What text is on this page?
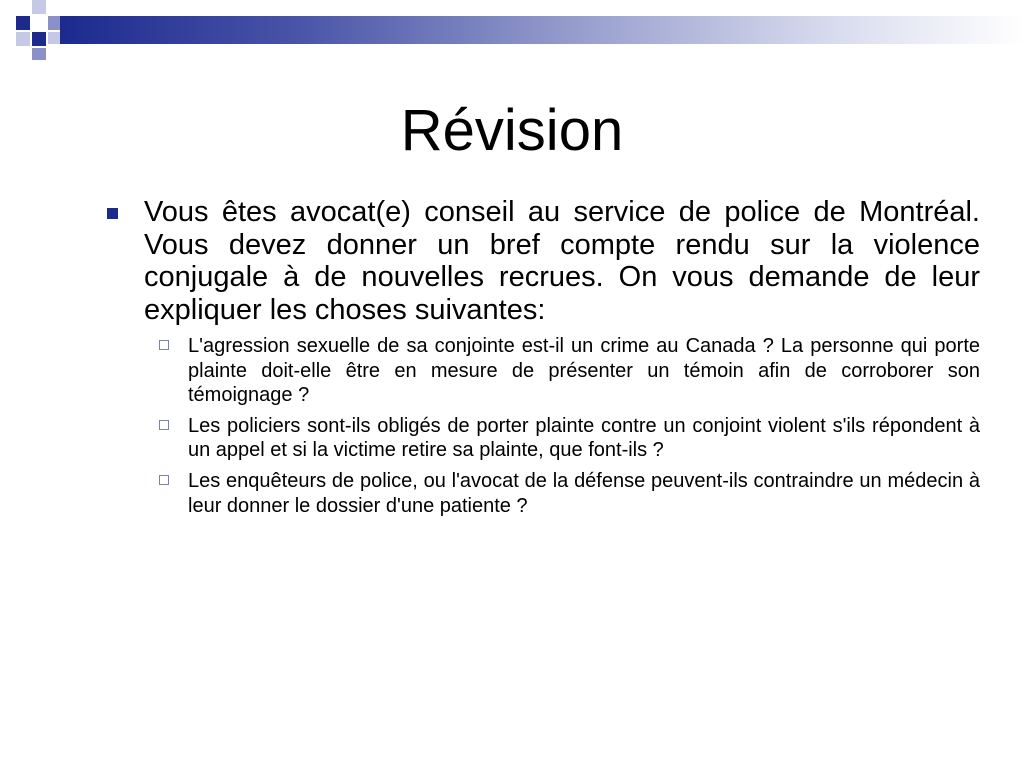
Révision
Vous êtes avocat(e) conseil au service de police de Montréal. Vous devez donner un bref compte rendu sur la violence conjugale à de nouvelles recrues. On vous demande de leur expliquer les choses suivantes:
L'agression sexuelle de sa conjointe est-il un crime au Canada ? La personne qui porte plainte doit-elle être en mesure de présenter un témoin afin de corroborer son témoignage ?
Les policiers sont-ils obligés de porter plainte contre un conjoint violent s'ils répondent à un appel et si la victime retire sa plainte, que font-ils ?
Les enquêteurs de police, ou l'avocat de la défense peuvent-ils contraindre un médecin à leur donner le dossier d'une patiente ?
